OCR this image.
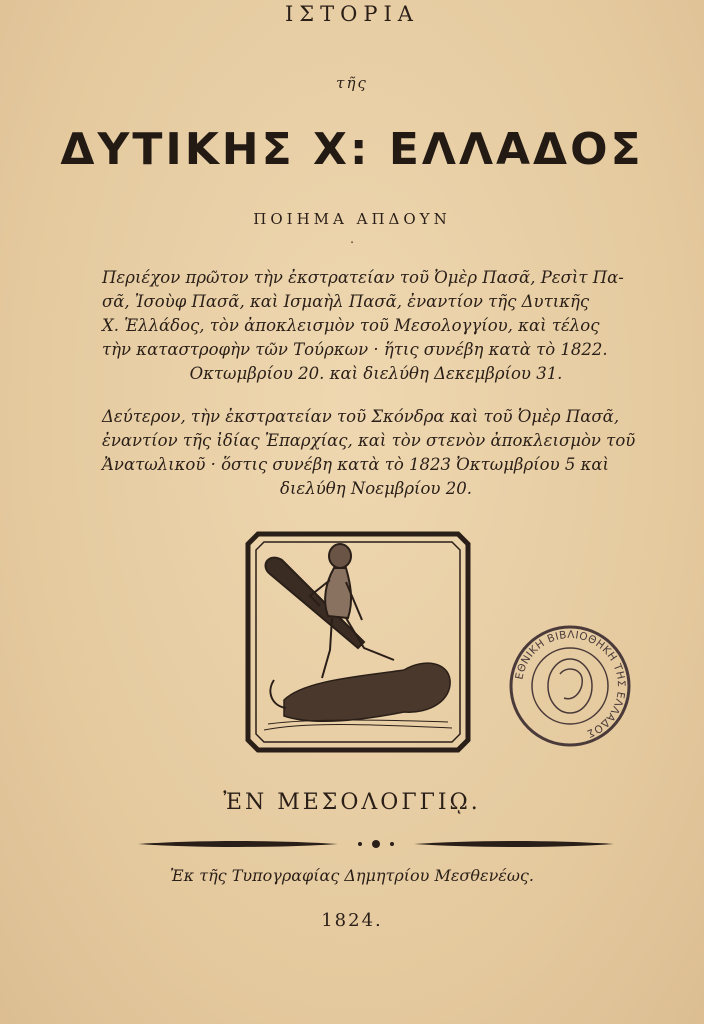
ΙΣΤΟΡΙΑ
τῆς
ΔΥΤΙΚΗΣ Χ: ΕΛΛΑΔΟΣ
ΠΟΙΗΜΑ ΑΠΔΟΥΝ
.
Περιέχον πρῶτον τὴν ἐκστρατείαν τοῦ Ὀμὲρ Πασᾶ, Ρεσὶτ Πα-
σᾶ, Ἰσοὺφ Πασᾶ, καὶ Ισμαὴλ Πασᾶ, ἐναντίον τῆς Δυτικῆς
Χ. Ἑλλάδος, τὸν ἀποκλεισμὸν τοῦ Μεσολογγίου, καὶ τέλος
τὴν καταστροφὴν τῶν Τούρκων · ἥτις συνέβη κατὰ τὸ 1822.

Οκτωμβρίου 20. καὶ διελύθη Δεκεμβρίου 31.
Δεύτερον, τὴν ἐκστρατείαν τοῦ Σκόνδρα καὶ τοῦ Ὀμὲρ Πασᾶ,
ἐναντίον τῆς ἰδίας Ἐπαρχίας, καὶ τὸν στενὸν ἀποκλεισμὸν τοῦ
Ἀνατωλικοῦ · ὅστις συνέβη κατὰ τὸ 1823 Ὀκτωμβρίου 5 καὶ

διελύθη Νοεμβρίου 20.
ΕΘΝΙΚΗ ΒΙΒΛΙΟΘΗΚΗ ΤΗΣ ΕΛΛΑΔΟΣ
ἘΝ ΜΕΣΟΛΟΓΓΙῼ.
Ἐκ τῆς Τυπογραφίας Δημητρίου Μεσθενέως.
1824.
